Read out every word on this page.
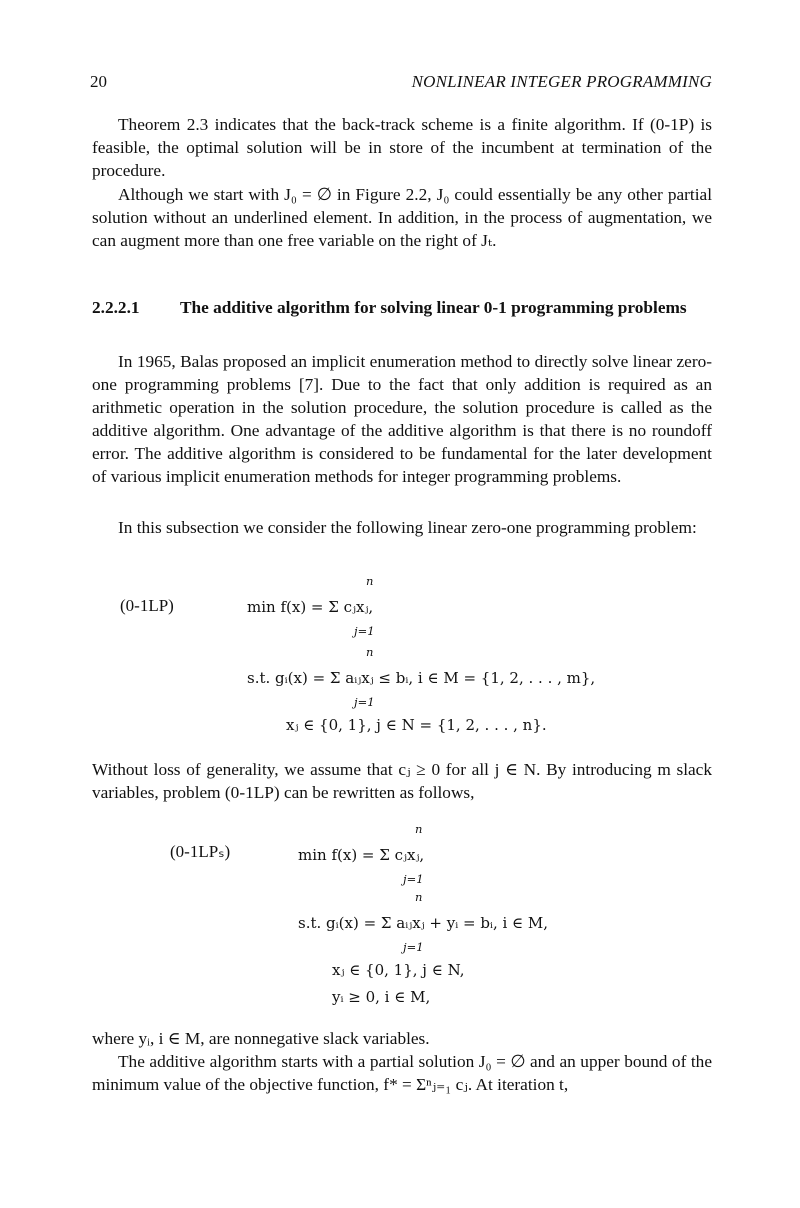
20	NONLINEAR INTEGER PROGRAMMING

Theorem 2.3 indicates that the back-track scheme is a finite algorithm. If (0-1P) is feasible, the optimal solution will be in store of the incumbent at termination of the procedure.

Although we start with J₀ = ∅ in Figure 2.2, J₀ could essentially be any other partial solution without an underlined element. In addition, in the process of augmentation, we can augment more than one free variable on the right of Jₜ.

2.2.2.1 The additive algorithm for solving linear 0-1 programming problems

In 1965, Balas proposed an implicit enumeration method to directly solve linear zero-one programming problems [7]. Due to the fact that only addition is required as an arithmetic operation in the solution procedure, the solution procedure is called as the additive algorithm. One advantage of the additive algorithm is that there is no roundoff error. The additive algorithm is considered to be fundamental for the later development of various implicit enumeration methods for integer programming problems.

In this subsection we consider the following linear zero-one programming problem:

(0-1LP)
n
j=1
min f(x) = Σ cⱼxⱼ,
n
j=1
s.t. gᵢ(x) = Σ aᵢⱼxⱼ ≤ bᵢ, i ∈ M = {1, 2, . . . , m},
xⱼ ∈ {0, 1}, j ∈ N = {1, 2, . . . , n}.

Without loss of generality, we assume that cⱼ ≥ 0 for all j ∈ N. By introducing m slack variables, problem (0-1LP) can be rewritten as follows,

(0-1LPₛ)
n
j=1
min f(x) = Σ cⱼxⱼ,
n
j=1
s.t. gᵢ(x) = Σ aᵢⱼxⱼ + yᵢ = bᵢ, i ∈ M,
xⱼ ∈ {0, 1}, j ∈ N,
yᵢ ≥ 0, i ∈ M,

where yᵢ, i ∈ M, are nonnegative slack variables.

The additive algorithm starts with a partial solution J₀ = ∅ and an upper bound of the minimum value of the objective function, f* = Σⁿⱼ₌₁ cⱼ. At iteration t,
